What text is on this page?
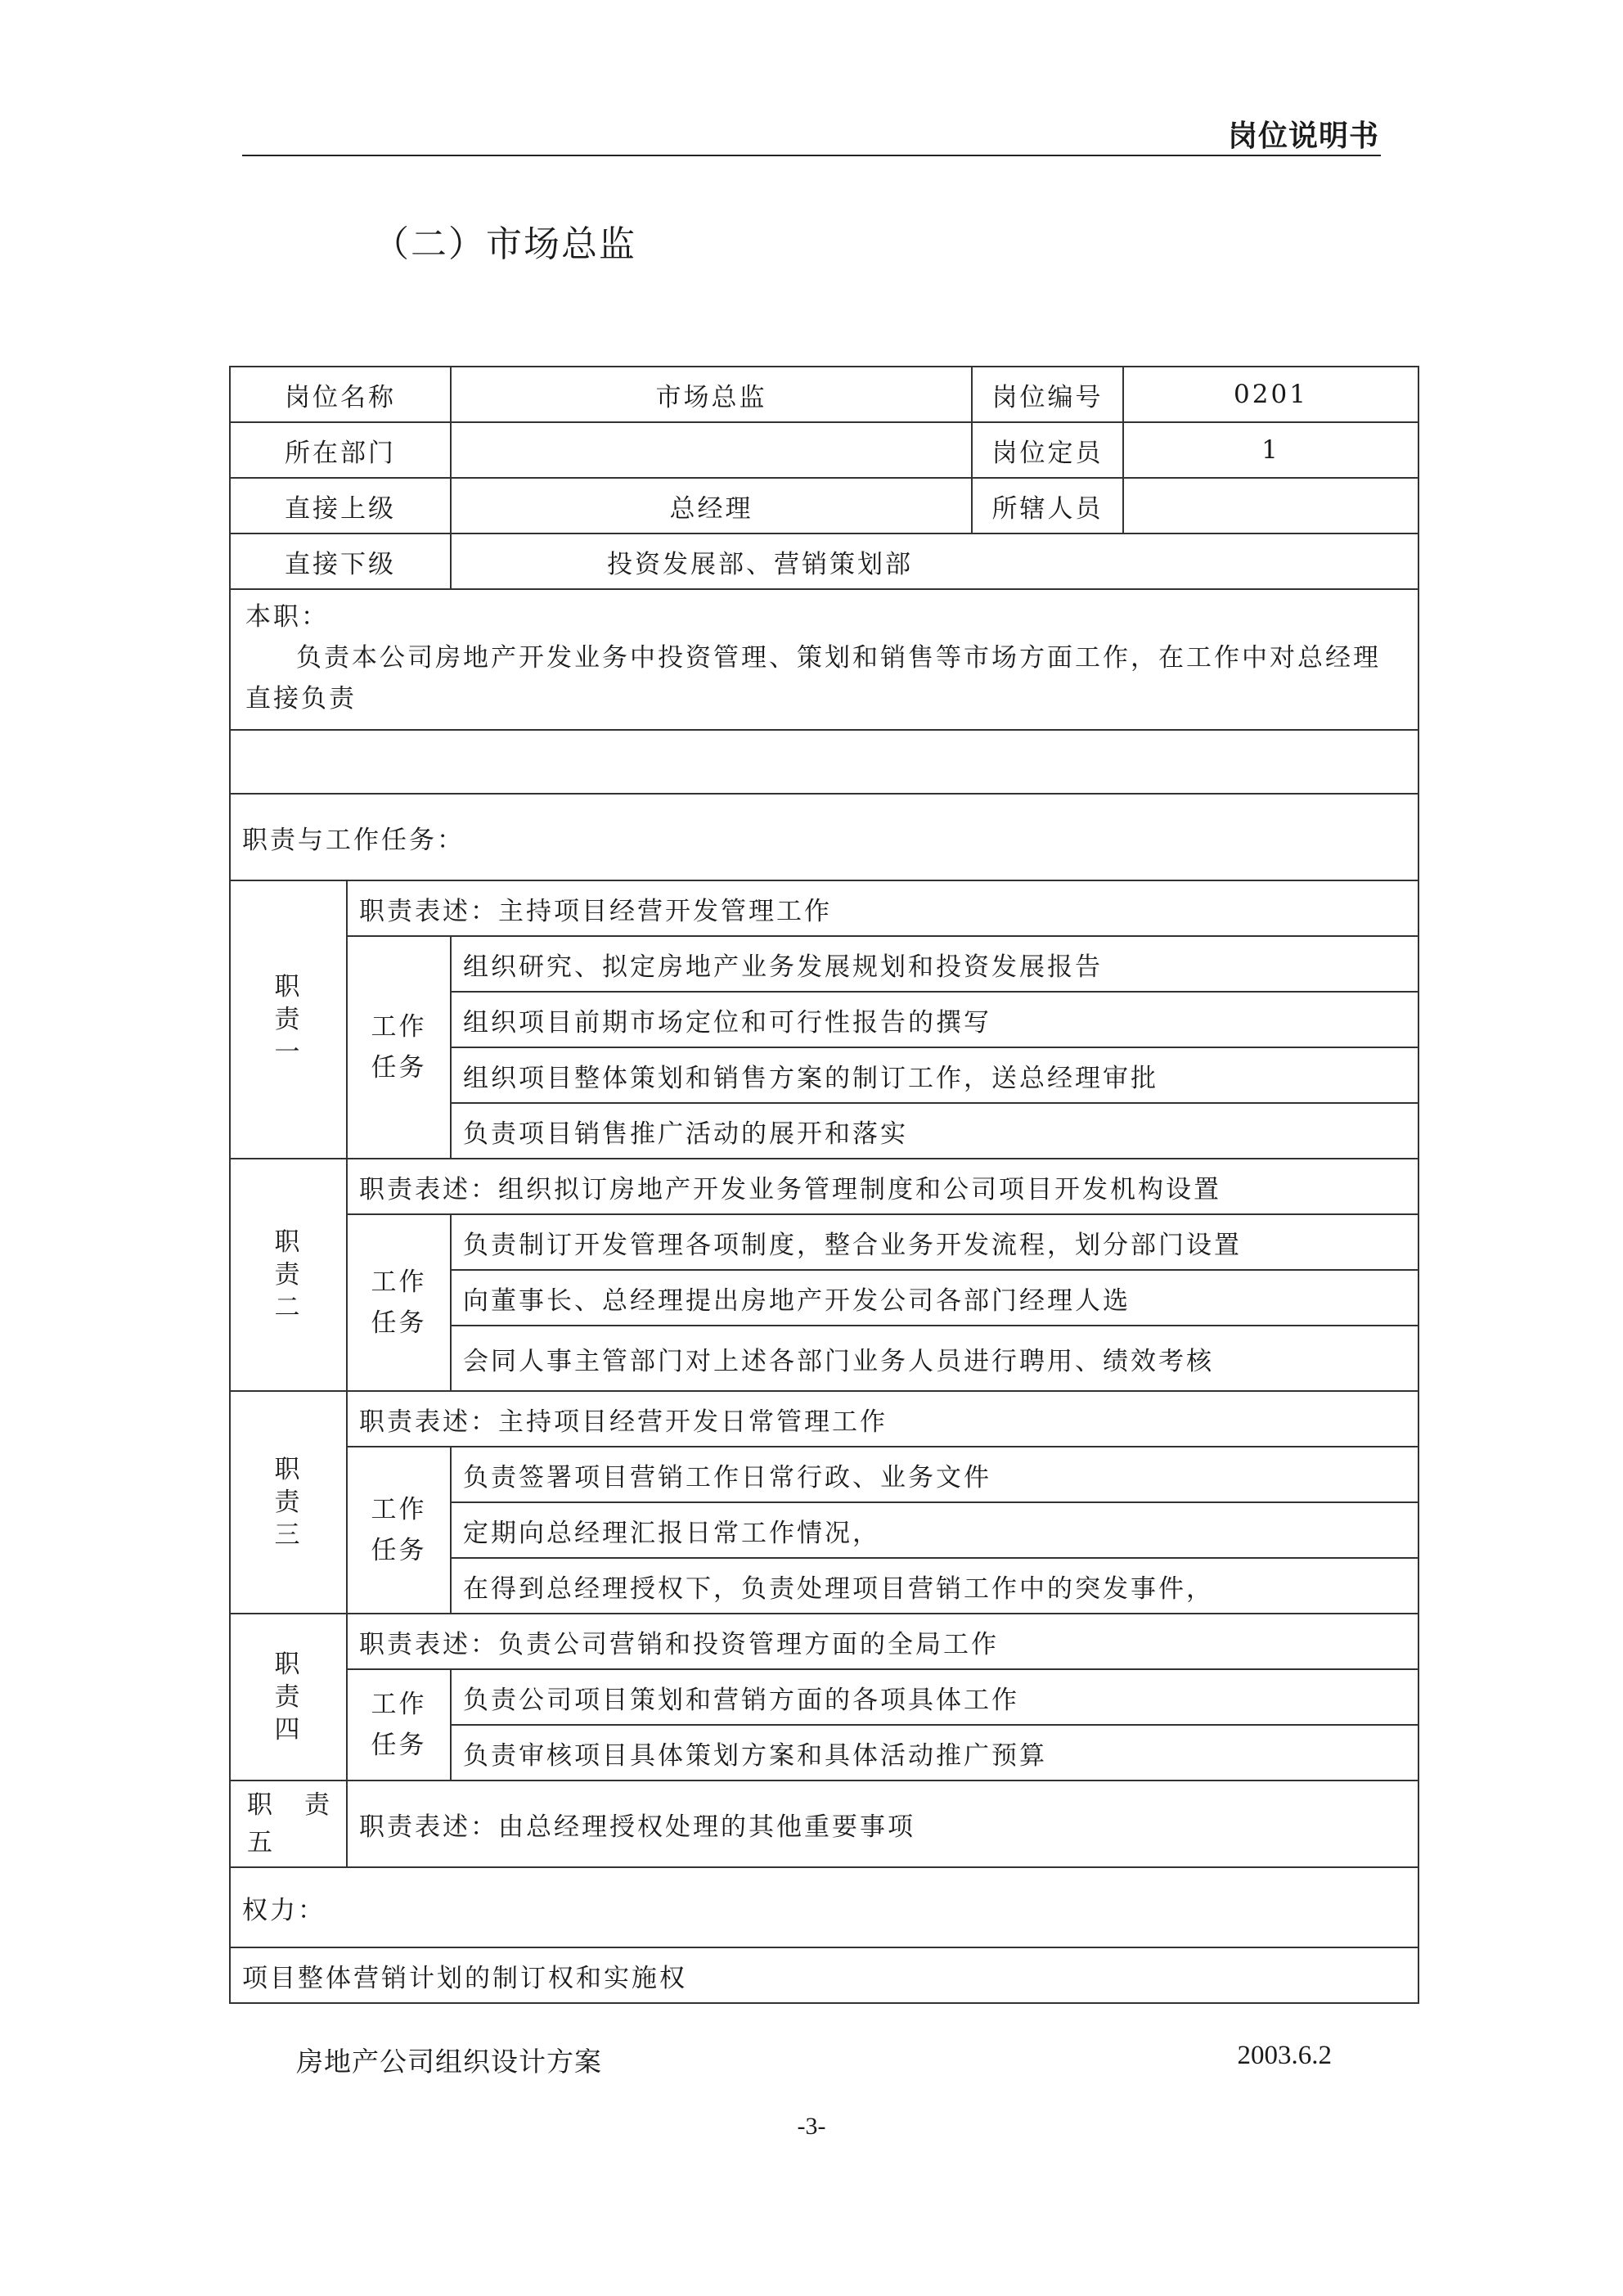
岗位说明书
（二）市场总监
岗位名称		市场总监	岗位编号	0201
所在部门			岗位定员	1
直接上级		总经理	所辖人员	
直接下级		投资发展部、营销策划部		

本职：
负责本公司房地产开发业务中投资管理、策划和销售等市场方面工作，在工作中对总经理直接负责				

职责与工作任务：				

职
责
一	职责表述：主持项目经营开发管理工作			

	工作
任务	组织研究、拟定房地产业务发展规划和投资发展报告		
		组织项目前期市场定位和可行性报告的撰写		
		组织项目整体策划和销售方案的制订工作，送总经理审批		
		负责项目销售推广活动的展开和落实		

职
责
二	职责表述：组织拟订房地产开发业务管理制度和公司项目开发机构设置			

	工作
任务	负责制订开发管理各项制度，整合业务开发流程，划分部门设置		
		向董事长、总经理提出房地产开发公司各部门经理人选		
		会同人事主管部门对上述各部门业务人员进行聘用、绩效考核		

职
责
三	职责表述：主持项目经营开发日常管理工作			

	工作
任务	负责签署项目营销工作日常行政、业务文件		
		定期向总经理汇报日常工作情况，		
		在得到总经理授权下，负责处理项目营销工作中的突发事件，		

职
责
四	职责表述：负责公司营销和投资管理方面的全局工作			

	工作
任务	负责公司项目策划和营销方面的各项具体工作		
		负责审核项目具体策划方案和具体活动推广预算		

职　责
五	职责表述：由总经理授权处理的其他重要事项			
权力：				
项目整体营销计划的制订权和实施权				
房地产公司组织设计方案	2003.6.2
-3-
